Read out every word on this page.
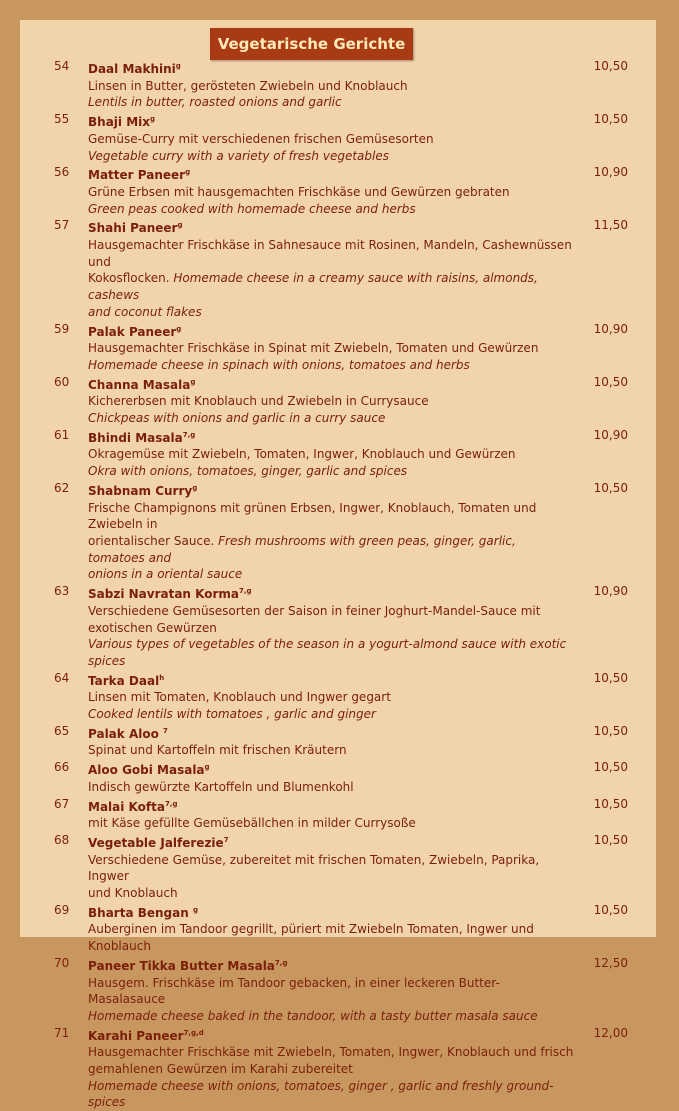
Vegetarische Gerichte
54	10,50
Daal Makhini$^g$
Linsen in Butter, gerösteten Zwiebeln und Knoblauch
Lentils in butter, roasted onions and garlic
55	10,50
Bhaji Mix$^g$
Gemüse-Curry mit verschiedenen frischen Gemüsesorten
Vegetable curry with a variety of fresh vegetables
56	10,90
Matter Paneer$^g$
Grüne Erbsen mit hausgemachten Frischkäse und Gewürzen gebraten
Green peas cooked with homemade cheese and herbs
57	11,50
Shahi Paneer$^g$
Hausgemachter Frischkäse in Sahnesauce mit Rosinen, Mandeln, Cashewnüssen und
Kokosflocken. Homemade cheese in a creamy sauce with raisins, almonds, cashews
and coconut flakes
59	10,90
Palak Paneer$^g$
Hausgemachter Frischkäse in Spinat mit Zwiebeln, Tomaten und Gewürzen
Homemade cheese in spinach with onions, tomatoes and herbs
60	10,50
Channa Masala$^g$
Kichererbsen mit Knoblauch und Zwiebeln in Currysauce
Chickpeas with onions and garlic in a curry sauce
61	10,90
Bhindi Masala$^{7,g}$
Okragemüse mit Zwiebeln, Tomaten, Ingwer, Knoblauch und Gewürzen
Okra with onions, tomatoes, ginger, garlic and spices
62	10,50
Shabnam Curry$^g$
Frische Champignons mit grünen Erbsen, Ingwer, Knoblauch, Tomaten und Zwiebeln in
orientalischer Sauce. Fresh mushrooms with green peas, ginger, garlic, tomatoes and
onions in a oriental sauce
63	10,90
Sabzi Navratan Korma$^{7,g}$
Verschiedene Gemüsesorten der Saison in feiner Joghurt-Mandel-Sauce mit
exotischen Gewürzen
Various types of vegetables of the season in a yogurt-almond sauce with exotic spices
64	10,50
Tarka Daal$^h$
Linsen mit Tomaten, Knoblauch und Ingwer gegart
Cooked lentils with tomatoes , garlic and ginger
65	10,50
Palak Aloo $^7$
Spinat und Kartoffeln mit frischen Kräutern
66	10,50
Aloo Gobi Masala$^g$
Indisch gewürzte Kartoffeln und Blumenkohl
67	10,50
Malai Kofta$^{7,g}$
mit Käse gefüllte Gemüsebällchen in milder Currysoße
68	10,50
Vegetable Jalferezie$^7$
Verschiedene Gemüse, zubereitet mit frischen Tomaten, Zwiebeln, Paprika, Ingwer
und Knoblauch
69	10,50
Bharta Bengan $^g$
Auberginen im Tandoor gegrillt, püriert mit Zwiebeln Tomaten, Ingwer und Knoblauch
70	12,50
Paneer Tikka Butter Masala$^{7,g}$
Hausgem. Frischkäse im Tandoor gebacken, in einer leckeren Butter-Masalasauce
Homemade cheese baked in the tandoor, with a tasty butter masala sauce
71	12,00
Karahi Paneer$^{7,g,d}$
Hausgemachter Frischkäse mit Zwiebeln, Tomaten, Ingwer, Knoblauch und frisch
gemahlenen Gewürzen im Karahi zubereitet
Homemade cheese with onions, tomatoes, ginger , garlic and freshly ground-spices
